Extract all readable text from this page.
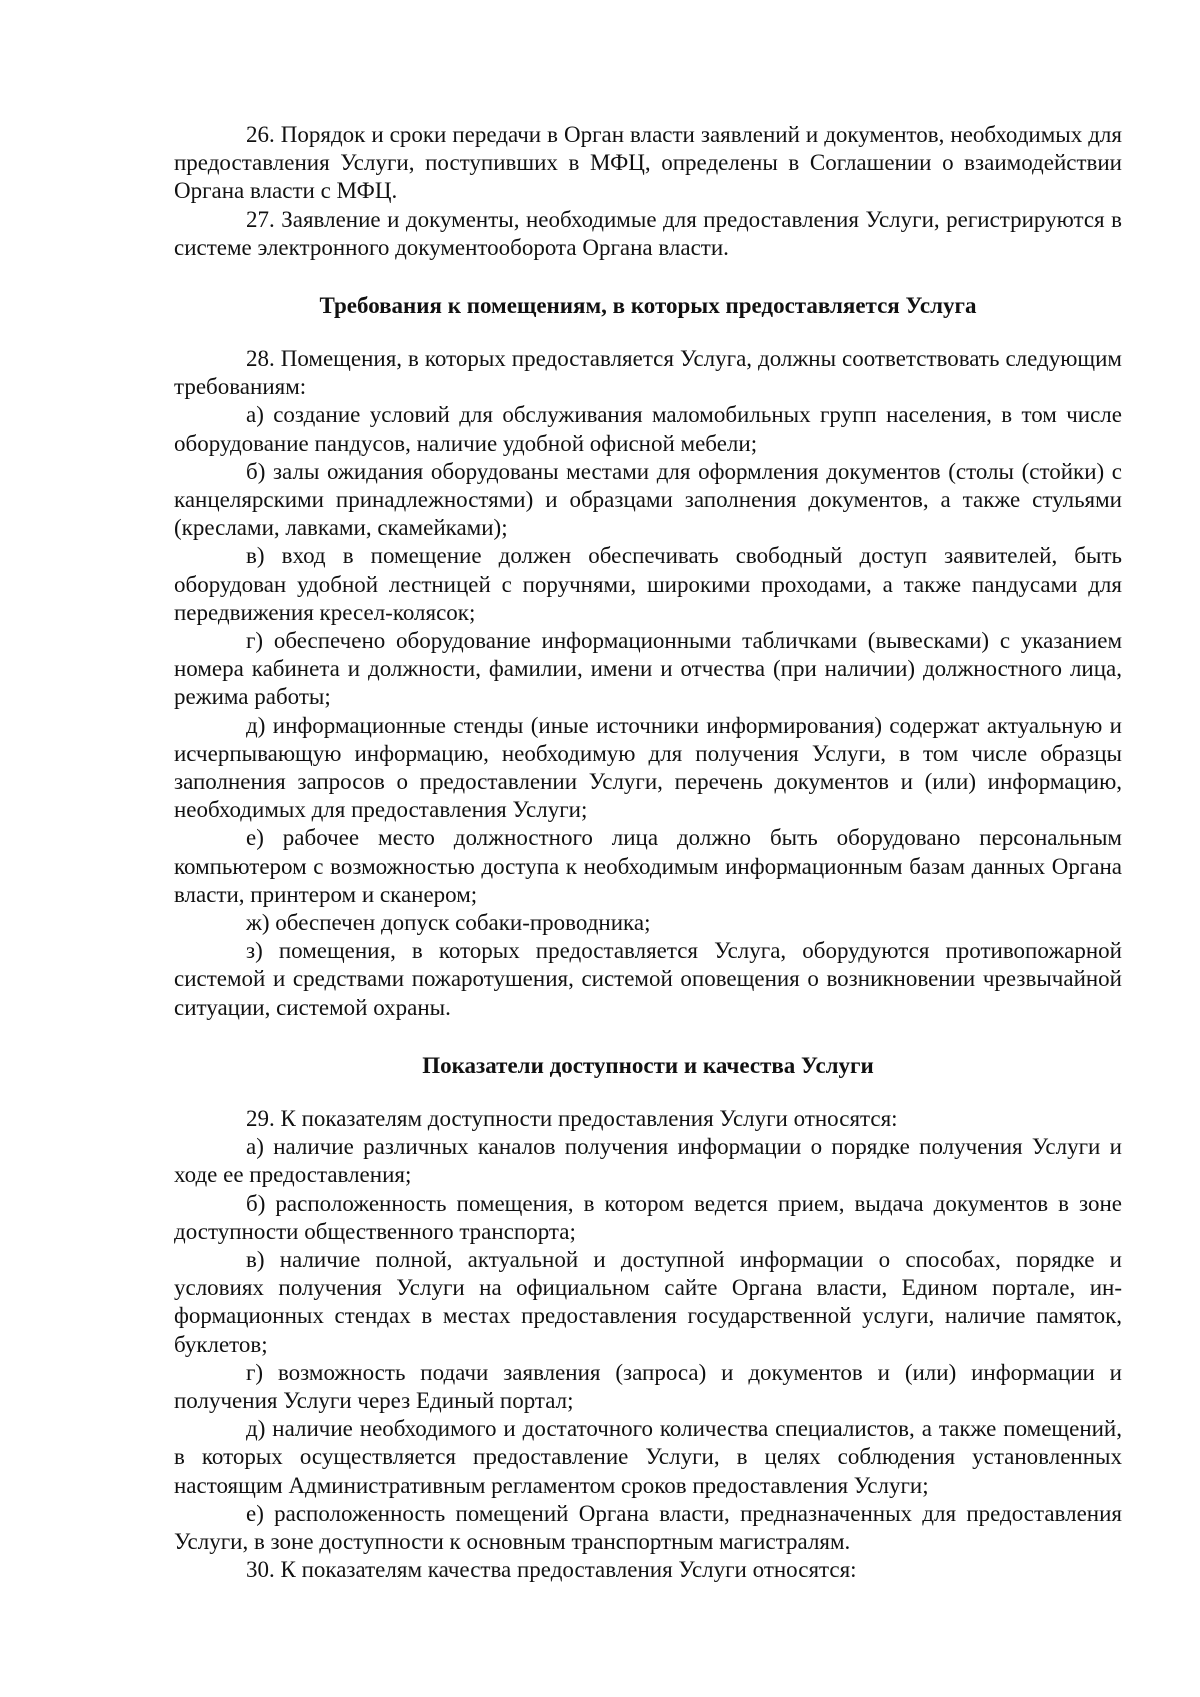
26. Порядок и сроки передачи в Орган власти заявлений и документов, необходимых для предоставления Услуги, поступивших в МФЦ, определены в Соглашении о взаимодействии Органа власти с МФЦ.

27. Заявление и документы, необходимые для предоставления Услуги, регистрируются в системе электронного документооборота Органа власти.

Требования к помещениям, в которых предоставляется Услуга

28. Помещения, в которых предоставляется Услуга, должны соответствовать следующим требованиям:

а) создание условий для обслуживания маломобильных групп населения, в том числе оборудование пандусов, наличие удобной офисной мебели;

б) залы ожидания оборудованы местами для оформления документов (столы (стойки) с канцелярскими принадлежностями) и образцами заполнения документов, а также стульями (креслами, лавками, скамейками);

в) вход в помещение должен обеспечивать свободный доступ заявителей, быть оборудован удобной лестницей с поручнями, широкими проходами, а также пандусами для передвижения кресел-колясок;

г) обеспечено оборудование информационными табличками (вывесками) с указанием номера кабинета и должности, фамилии, имени и отчества (при наличии) должностного лица, режима работы;

д) информационные стенды (иные источники информирования) содержат актуальную и исчерпывающую информацию, необходимую для получения Услуги, в том числе образцы заполнения запросов о предоставлении Услуги, перечень документов и (или) информацию, необходимых для предоставления Услуги;

е) рабочее место должностного лица должно быть оборудовано персональным компьютером с возможностью доступа к необходимым информационным базам данных Органа власти, принтером и сканером;

ж) обеспечен допуск собаки-проводника;

з) помещения, в которых предоставляется Услуга, оборудуются противопожарной системой и средствами пожаротушения, системой оповещения о возникновении чрезвычайной ситуации, системой охраны.

Показатели доступности и качества Услуги

29. К показателям доступности предоставления Услуги относятся:

а) наличие различных каналов получения информации о порядке получения Услуги и ходе ее предоставления;

б) расположенность помещения, в котором ведется прием, выдача документов в зоне доступности общественного транспорта;

в) наличие полной, актуальной и доступной информации о способах, порядке и условиях получения Услуги на официальном сайте Органа власти, Едином портале, информационных стендах в местах предоставления государственной услуги, наличие памяток, буклетов;

г) возможность подачи заявления (запроса) и документов и (или) информации и получения Услуги через Единый портал;

д) наличие необходимого и достаточного количества специалистов, а также помещений, в которых осуществляется предоставление Услуги, в целях соблюдения установленных настоящим Административным регламентом сроков предоставления Услуги;

е) расположенность помещений Органа власти, предназначенных для предоставления Услуги, в зоне доступности к основным транспортным магистралям.

30. К показателям качества предоставления Услуги относятся:
